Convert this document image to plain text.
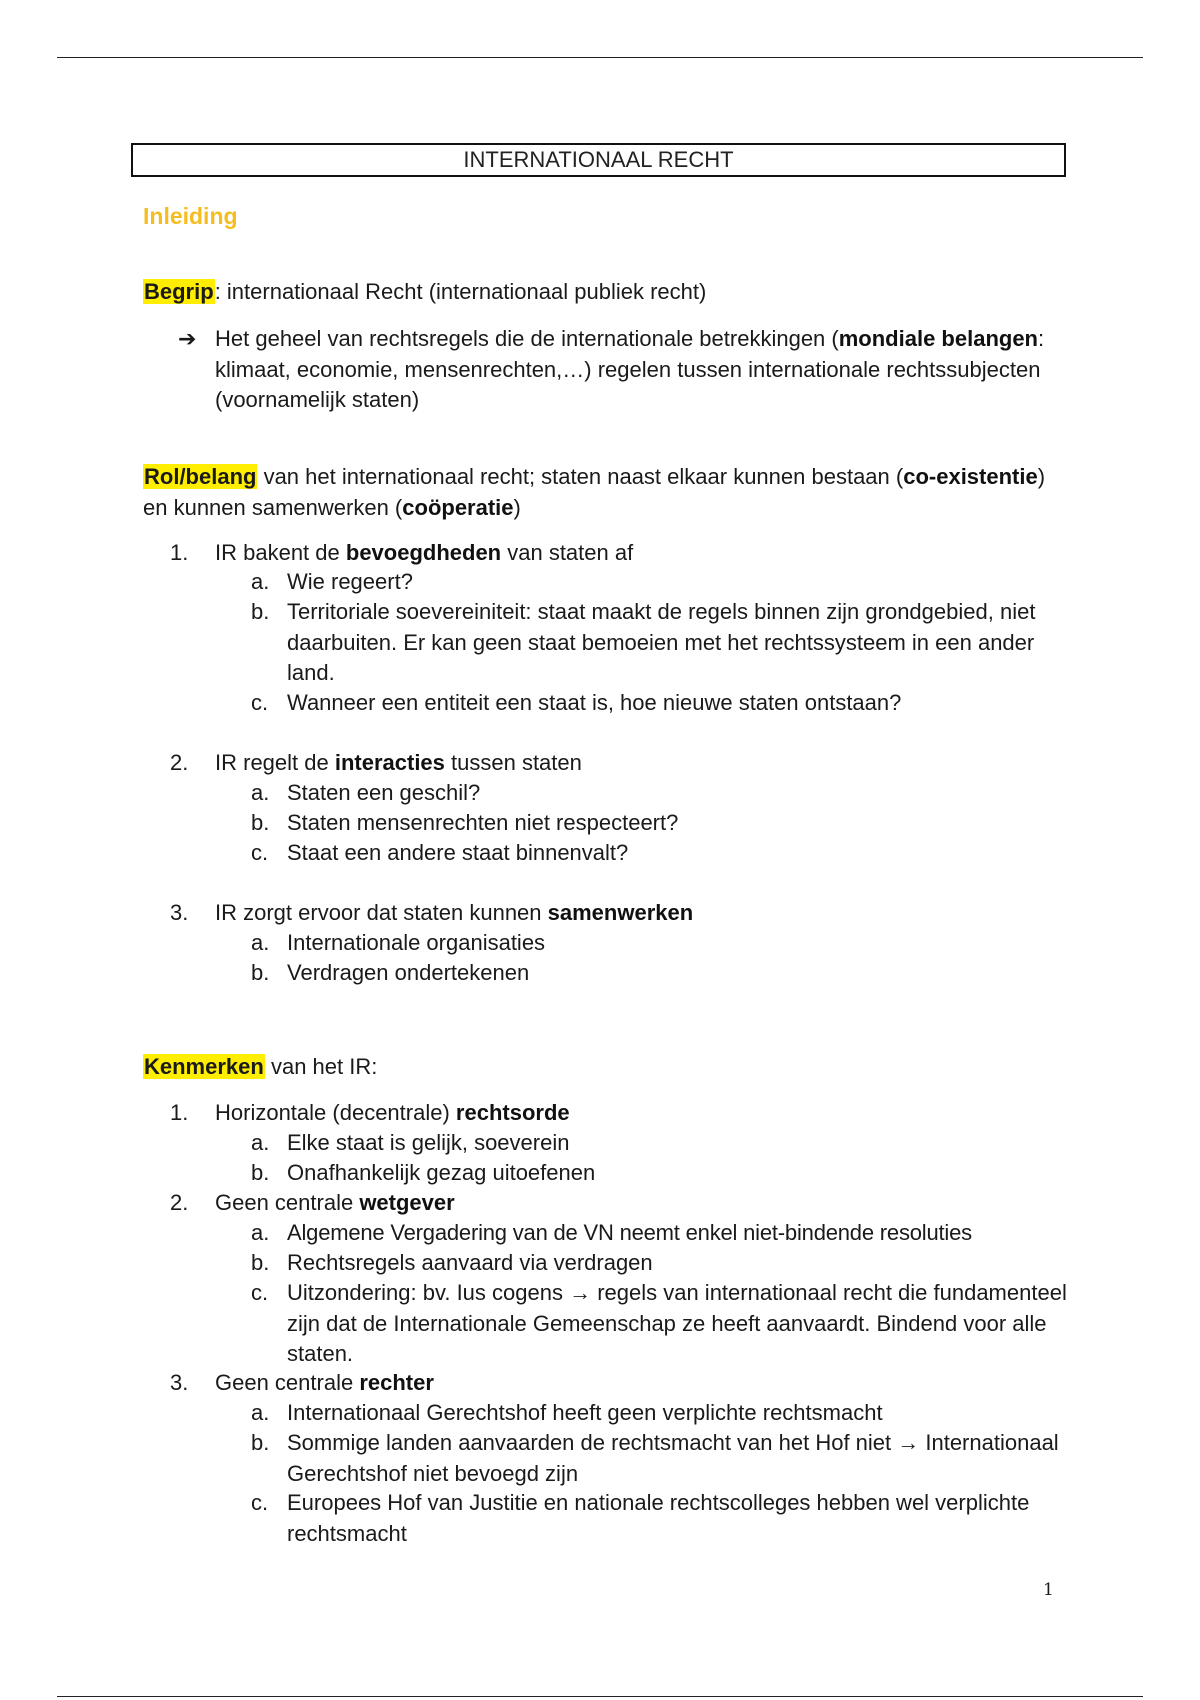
INTERNATIONAAL RECHT
Inleiding

Begrip: internationaal Recht (internationaal publiek recht)

➔ Het geheel van rechtsregels die de internationale betrekkingen (mondiale belangen: klimaat, economie, mensenrechten,…) regelen tussen internationale rechtssubjecten (voornamelijk staten)

Rol/belang van het internationaal recht; staten naast elkaar kunnen bestaan (co-existentie) en kunnen samenwerken (coöperatie)

1.	IR bakent de bevoegdheden van staten af
a. Wie regeert?
b. Territoriale soevereiniteit: staat maakt de regels binnen zijn grondgebied, niet daarbuiten. Er kan geen staat bemoeien met het rechtssysteem in een ander land.
c. Wanneer een entiteit een staat is, hoe nieuwe staten ontstaan?
2.	IR regelt de interacties tussen staten
a. Staten een geschil?
b. Staten mensenrechten niet respecteert?
c. Staat een andere staat binnenvalt?
3.	IR zorgt ervoor dat staten kunnen samenwerken
a. Internationale organisaties
b. Verdragen ondertekenen

Kenmerken van het IR:

1.	Horizontale (decentrale) rechtsorde
a. Elke staat is gelijk, soeverein
b. Onafhankelijk gezag uitoefenen
2.	Geen centrale wetgever
a. Algemene Vergadering van de VN neemt enkel niet-bindende resoluties
b. Rechtsregels aanvaard via verdragen
c. Uitzondering: bv. Ius cogens → regels van internationaal recht die fundamenteel zijn dat de Internationale Gemeenschap ze heeft aanvaardt. Bindend voor alle staten.
3.	Geen centrale rechter
a. Internationaal Gerechtshof heeft geen verplichte rechtsmacht
b. Sommige landen aanvaarden de rechtsmacht van het Hof niet → Internationaal Gerechtshof niet bevoegd zijn
c. Europees Hof van Justitie en nationale rechtscolleges hebben wel verplichte rechtsmacht
1
